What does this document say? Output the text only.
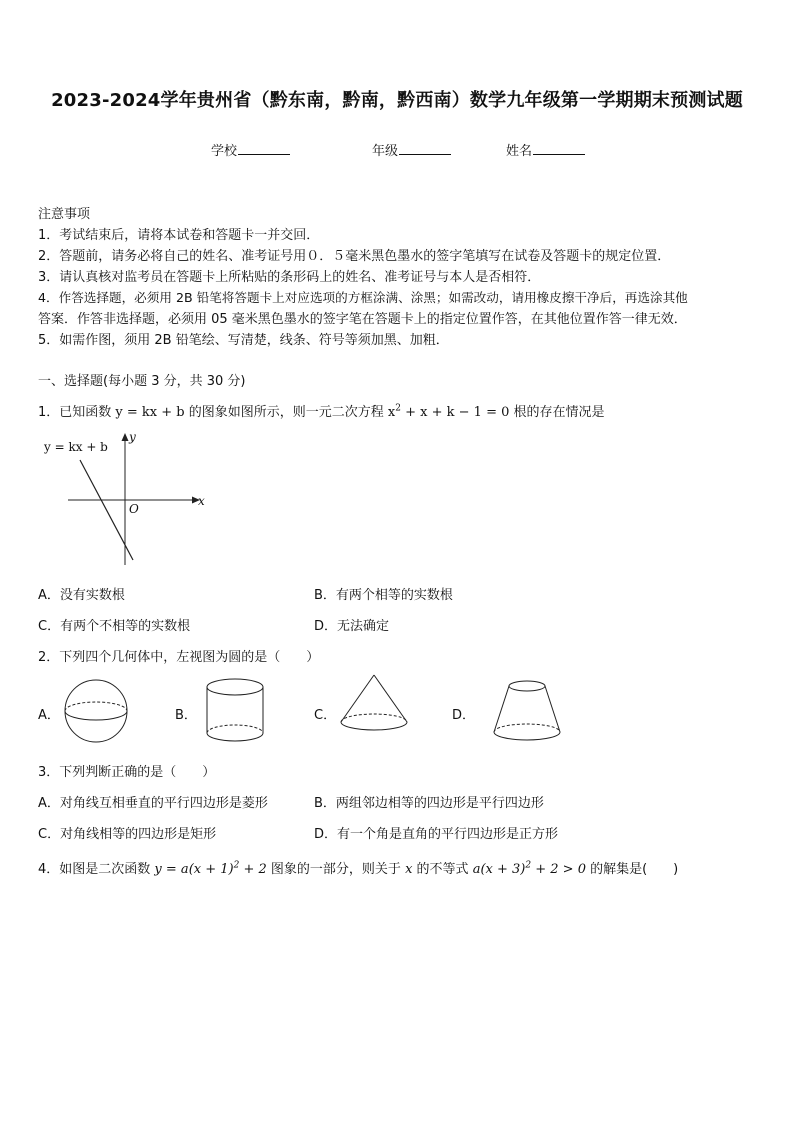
2023-2024学年贵州省（黔东南，黔南，黔西南）数学九年级第一学期期末预测试题
学校	年级	姓名
注意事项
1．考试结束后，请将本试卷和答题卡一并交回．
2．答题前，请务必将自己的姓名、准考证号用０．５毫米黑色墨水的签字笔填写在试卷及答题卡的规定位置．
3．请认真核对监考员在答题卡上所粘贴的条形码上的姓名、准考证号与本人是否相符．
4．作答选择题，必须用 2B 铅笔将答题卡上对应选项的方框涂满、涂黑；如需改动，请用橡皮擦干净后，再选涂其他
答案．作答非选择题，必须用 05 毫米黑色墨水的签字笔在答题卡上的指定位置作答，在其他位置作答一律无效．
5．如需作图，须用 2B 铅笔绘、写清楚，线条、符号等须加黑、加粗．
一、选择题(每小题 3 分，共 30 分)
1．已知函数 y = kx + b 的图象如图所示，则一元二次方程 $x^2 + x + k - 1 = 0$ 根的存在情况是
y = kx + b
x
y
O
A．没有实数根	B．有两个相等的实数根
C．有两个不相等的实数根	D．无法确定
2．下列四个几何体中，左视图为圆的是（　　）
A．	B．	C．	D．
3．下列判断正确的是（　　）
A．对角线互相垂直的平行四边形是菱形	B．两组邻边相等的四边形是平行四边形
C．对角线相等的四边形是矩形	D．有一个角是直角的平行四边形是正方形
4．如图是二次函数 $y = a(x + 1)^2 + 2$ 图象的一部分，则关于 x 的不等式 $a(x + 3)^2 + 2 > 0$ 的解集是(　　)
